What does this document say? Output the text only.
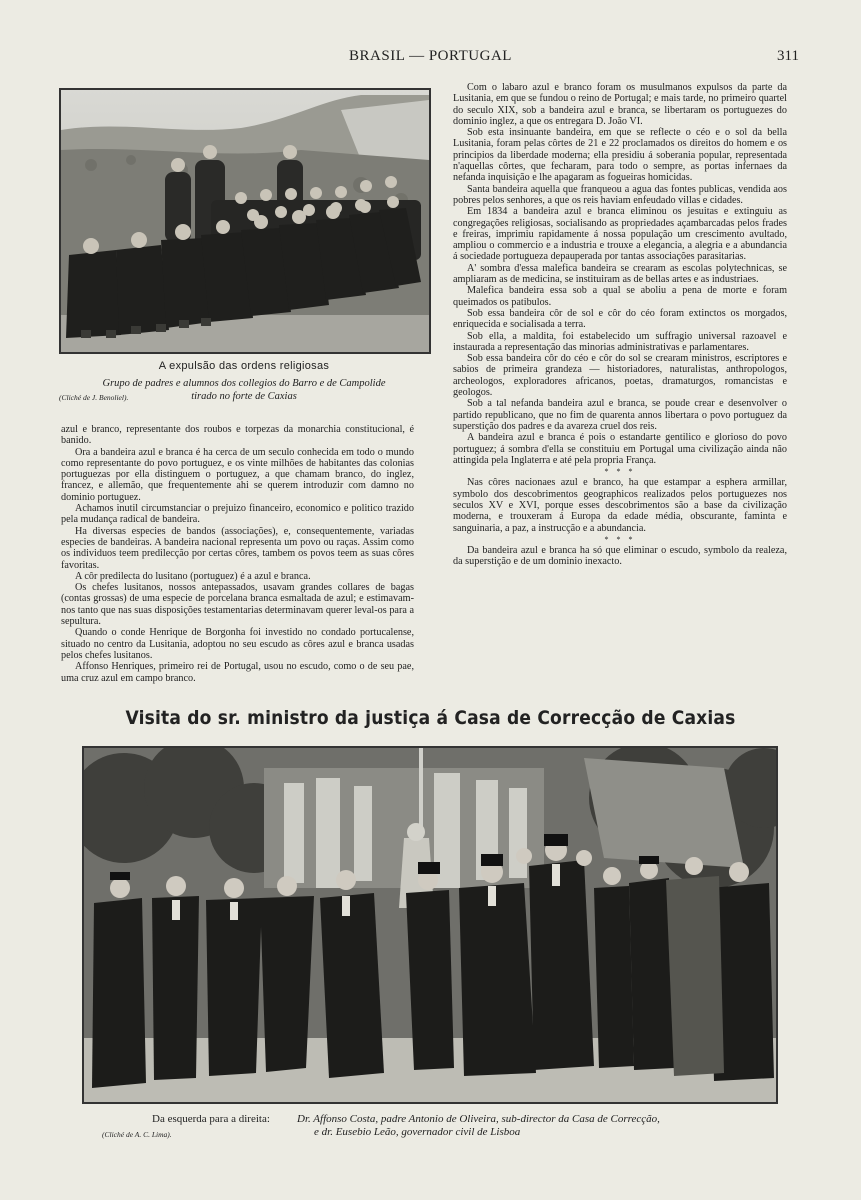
BRASIL — PORTUGAL	311
A expulsão das ordens religiosas
Grupo de padres e alumnos dos collegios do Barro e de Campolide
(Cliché de J. Benoliel).	tirado no forte de Caxias

azul e branco, representante dos roubos e torpezas da monarchia constitucional, é banido.

Ora a bandeira azul e branca é ha cerca de um seculo conhecida em todo o mundo como representante do povo portuguez, e os vinte milhões de habitantes das colonias portuguezas por ella distinguem o portuguez, a que chamam branco, do inglez, francez, e allemão, que frequentemente ahi se querem introduzir com damno no dominio portuguez.

Achamos inutil circumstanciar o prejuizo financeiro, economico e politico trazido pela mudança radical de bandeira.

Ha diversas especies de bandos (associações), e, consequentemente, variadas especies de bandeiras. A bandeira nacional representa um povo ou raças. Assim como os individuos teem predilecção por certas côres, tambem os povos teem as suas côres favoritas.

A côr predilecta do lusitano (portuguez) é a azul e branca.

Os chefes lusitanos, nossos antepassados, usavam grandes collares de bagas (contas grossas) de uma especie de porcelana branca esmaltada de azul; e estimavam-nos tanto que nas suas disposições testamentarias determinavam querer leval-os para a sepultura.

Quando o conde Henrique de Borgonha foi investido no condado portucalense, situado no centro da Lusitania, adoptou no seu escudo as côres azul e branca usadas pelos chefes lusitanos.

Affonso Henriques, primeiro rei de Portugal, usou no escudo, como o de seu pae, uma cruz azul em campo branco.

Com o labaro azul e branco foram os musulmanos expulsos da parte da Lusitania, em que se fundou o reino de Portugal; e mais tarde, no primeiro quartel do seculo XIX, sob a bandeira azul e branca, se libertaram os portuguezes do dominio inglez, a que os entregara D. João VI.

Sob esta insinuante bandeira, em que se reflecte o céo e o sol da bella Lusitania, foram pelas côrtes de 21 e 22 proclamados os direitos do homem e os principios da liberdade moderna; ella presidiu á soberania popular, representada n'aquellas côrtes, que fecharam, para todo o sempre, as portas infernaes da nefanda inquisição e lhe apagaram as fogueiras homicidas.

Santa bandeira aquella que franqueou a agua das fontes publicas, vendida aos pobres pelos senhores, a que os reis haviam enfeudado villas e cidades.

Em 1834 a bandeira azul e branca eliminou os jesuitas e extinguiu as congregações religiosas, socialisando as propriedades açambarcadas pelos frades e freiras, imprimiu rapidamente á nossa população um crescimento avultado, ampliou o commercio e a industria e trouxe a elegancia, a alegria e a abundancia á sociedade portugueza depauperada por tantas associações parasitarias.

A' sombra d'essa malefica bandeira se crearam as escolas polytechnicas, se ampliaram as de medicina, se instituiram as de bellas artes e as industriaes.

Malefica bandeira essa sob a qual se aboliu a pena de morte e foram queimados os patibulos.

Sob essa bandeira côr de sol e côr do céo foram extinctos os morgados, enriquecida e socialisada a terra.

Sob ella, a maldita, foi estabelecido um suffragio universal razoavel e instaurada a representação das minorias administrativas e parlamentares.

Sob essa bandeira côr do céo e côr do sol se crearam ministros, escriptores e sabios de primeira grandeza — historiadores, naturalistas, anthropologos, archeologos, exploradores africanos, poetas, dramaturgos, romancistas e geologos.

Sob a tal nefanda bandeira azul e branca, se poude crear e desenvolver o partido republicano, que no fim de quarenta annos libertara o povo portuguez da superstição dos padres e da avareza cruel dos reis.

A bandeira azul e branca é pois o estandarte gentilico e glorioso do povo portuguez; á sombra d'ella se constituiu em Portugal uma civilização ainda não attingida pela Inglaterra e até pela propria França.

* * *

Nas côres nacionaes azul e branco, ha que estampar a esphera armillar, symbolo dos descobrimentos geographicos realizados pelos portuguezes nos seculos XV e XVI, porque esses descobrimentos são a base da civilização moderna, e trouxeram á Europa da edade média, obscurante, faminta e sanguinaria, a paz, a instrucção e a abundancia.

* * *

Da bandeira azul e branca ha só que eliminar o escudo, symbolo da realeza, da superstição e de um dominio inexacto.

Visita do sr. ministro da justiça á Casa de Correcção de Caxias
Da esquerda para a direita: Dr. Affonso Costa, padre Antonio de Oliveira, sub-director da Casa de Correcção,
(Cliché de A. C. Lima).	e dr. Eusebio Leão, governador civil de Lisboa
